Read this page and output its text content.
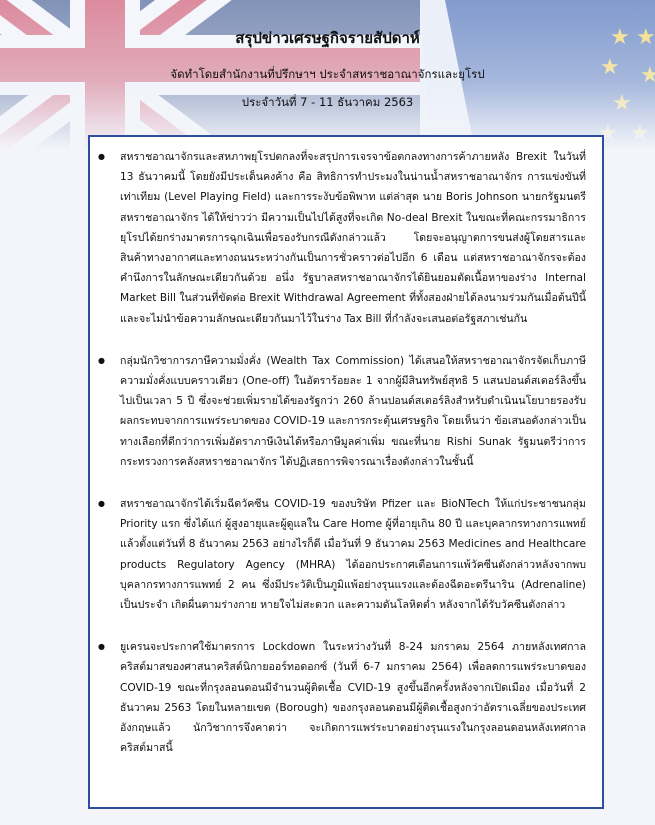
สรุปข่าวเศรษฐกิจรายสัปดาห์
จัดทำโดยสำนักงานที่ปรึกษาฯ ประจำสหราชอาณาจักรและยุโรป
ประจำวันที่ 7 - 11 ธันวาคม 2563
● สหราชอาณาจักรและสหภาพยุโรปตกลงที่จะสรุปการเจรจาข้อตกลงทางการค้าภายหลัง Brexit ในวันที่ 13 ธันวาคมนี้ โดยยังมีประเด็นคงค้าง คือ สิทธิการทำประมงในน่านน้ำสหราชอาณาจักร การแข่งขันที่เท่าเทียม (Level Playing Field) และการระงับข้อพิพาท แต่ล่าสุด นาย Boris Johnson นายกรัฐมนตรีสหราชอาณาจักร ได้ให้ข่าวว่า มีความเป็นไปได้สูงที่จะเกิด No-deal Brexit ในขณะที่คณะกรรมาธิการยุโรปได้ยกร่างมาตรการฉุกเฉินเพื่อรองรับกรณีดังกล่าวแล้ว โดยจะอนุญาตการขนส่งผู้โดยสารและสินค้าทางอากาศและทางถนนระหว่างกันเป็นการชั่วคราวต่อไปอีก 6 เดือน แต่สหราชอาณาจักรจะต้องคำนึงการในลักษณะเดียวกันด้วย อนึ่ง รัฐบาลสหราชอาณาจักรได้ยินยอมตัดเนื้อหาของร่าง Internal Market Bill ในส่วนที่ขัดต่อ Brexit Withdrawal Agreement ที่ทั้งสองฝ่ายได้ลงนามร่วมกันเมื่อต้นปีนี้ และจะไม่นำข้อความลักษณะเดียวกันมาไว้ในร่าง Tax Bill ที่กำลังจะเสนอต่อรัฐสภาเช่นกัน
● กลุ่มนักวิชาการภาษีความมั่งคั่ง (Wealth Tax Commission) ได้เสนอให้สหราชอาณาจักรจัดเก็บภาษีความมั่งคั่งแบบคราวเดียว (One-off) ในอัตราร้อยละ 1 จากผู้มีสินทรัพย์สุทธิ 5 แสนปอนด์สเตอร์ลิงขึ้นไปเป็นเวลา 5 ปี ซึ่งจะช่วยเพิ่มรายได้ของรัฐกว่า 260 ล้านปอนด์สเตอร์ลิงสำหรับดำเนินนโยบายรองรับผลกระทบจากการแพร่ระบาดของ COVID-19 และการกระตุ้นเศรษฐกิจ โดยเห็นว่า ข้อเสนอดังกล่าวเป็นทางเลือกที่ดีกว่าการเพิ่มอัตราภาษีเงินได้หรือภาษีมูลค่าเพิ่ม ขณะที่นาย Rishi Sunak รัฐมนตรีว่าการกระทรวงการคลังสหราชอาณาจักร ได้ปฏิเสธการพิจารณาเรื่องดังกล่าวในชั้นนี้
● สหราชอาณาจักรได้เริ่มฉีดวัคซีน COVID-19 ของบริษัท Pfizer และ BioNTech ให้แก่ประชาชนกลุ่ม Priority แรก ซึ่งได้แก่ ผู้สูงอายุและผู้ดูแลใน Care Home ผู้ที่อายุเกิน 80 ปี และบุคลากรทางการแพทย์ แล้วตั้งแต่วันที่ 8 ธันวาคม 2563 อย่างไรก็ดี เมื่อวันที่ 9 ธันวาคม 2563 Medicines and Healthcare products Regulatory Agency (MHRA) ได้ออกประกาศเตือนการแพ้วัคซีนดังกล่าวหลังจากพบบุคลากรทางการแพทย์ 2 คน ซึ่งมีประวัติเป็นภูมิแพ้อย่างรุนแรงและต้องฉีดอะดรีนาริน (Adrenaline) เป็นประจำ เกิดผื่นตามร่างกาย หายใจไม่สะดวก และความดันโลหิตต่ำ หลังจากได้รับวัคซีนดังกล่าว
● ยูเครนจะประกาศใช้มาตรการ Lockdown ในระหว่างวันที่ 8-24 มกราคม 2564 ภายหลังเทศกาลคริสต์มาสของศาสนาคริสต์นิกายออร์ทอดอกซ์ (วันที่ 6-7 มกราคม 2564) เพื่อลดการแพร่ระบาดของ COVID-19 ขณะที่กรุงลอนดอนมีจำนวนผู้ติดเชื้อ CVID-19 สูงขึ้นอีกครั้งหลังจากเปิดเมือง เมื่อวันที่ 2 ธันวาคม 2563 โดยในหลายเขต (Borough) ของกรุงลอนดอนมีผู้ติดเชื้อสูงกว่าอัตราเฉลี่ยของประเทศอังกฤษแล้ว นักวิชาการจึงคาดว่า จะเกิดการแพร่ระบาดอย่างรุนแรงในกรุงลอนดอนหลังเทศกาลคริสต์มาสนี้
